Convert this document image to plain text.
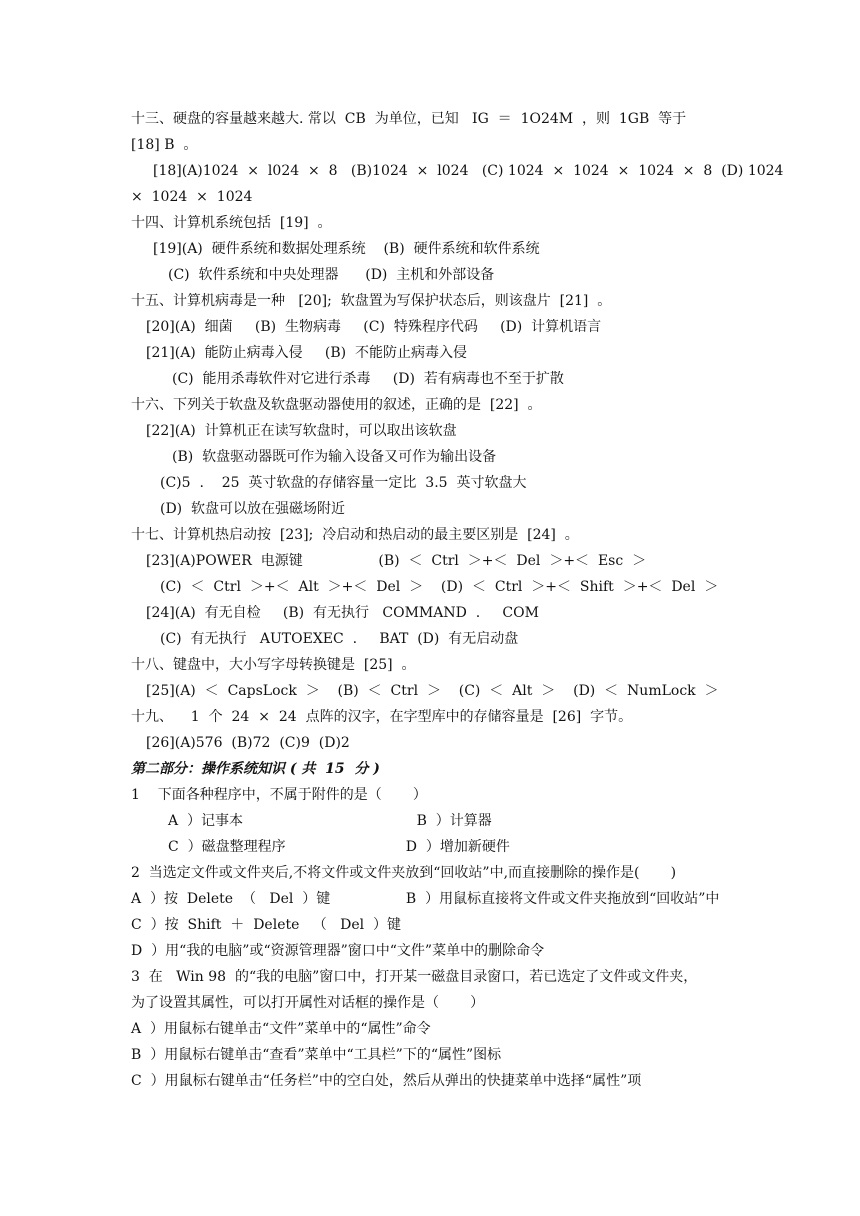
十三、硬盘的容量越来越大. 常以  CB  为单位，已知   IG  ＝  1O24M  ，则  1GB  等于
[18] B  。
[18](A)1024  ×  l024  ×  8   (B)1024  ×  l024   (C) 1024  ×  1024  ×  1024  ×  8  (D) 1024
×  1024  ×  1024
十四、计算机系统包括  [19]  。
[19](A)  硬件系统和数据处理系统    (B)  硬件系统和软件系统
(C)  软件系统和中央处理器      (D)  主机和外部设备
十五、计算机病毒是一种   [20];  软盘置为写保护状态后，则该盘片  [21]  。
[20](A)  细菌     (B)  生物病毒     (C)  特殊程序代码     (D)  计算机语言
[21](A)  能防止病毒入侵     (B)  不能防止病毒入侵
(C)  能用杀毒软件对它进行杀毒     (D)  若有病毒也不至于扩散
十六、下列关于软盘及软盘驱动器使用的叙述，正确的是  [22]  。
[22](A)  计算机正在读写软盘时，可以取出该软盘
(B)  软盘驱动器既可作为输入设备又可作为输出设备
(C)5  .    25  英寸软盘的存储容量一定比  3.5  英寸软盘大
(D)  软盘可以放在强磁场附近
十七、计算机热启动按  [23];  冷启动和热启动的最主要区别是  [24]  。
[23](A)POWER  电源键                 (B)  ＜  Ctrl  ＞+＜  Del  ＞+＜  Esc  ＞
(C)  ＜  Ctrl  ＞+＜  Alt  ＞+＜  Del  ＞    (D)  ＜  Ctrl  ＞+＜  Shift  ＞+＜  Del  ＞
[24](A)  有无自检     (B)  有无执行   COMMAND  .     COM
(C)  有无执行   AUTOEXEC  .     BAT  (D)  有无启动盘
十八、键盘中，大小写字母转换键是  [25]  。
[25](A)  ＜  CapsLock  ＞    (B)  ＜  Ctrl  ＞    (C)  ＜  Alt  ＞    (D)  ＜  NumLock  ＞
十九、    1  个  24  ×  24  点阵的汉字，在字型库中的存储容量是  [26]  字节。
[26](A)576  (B)72  (C)9  (D)2
第二部分：操作系统知识 ( 共  15  分 )
1    下面各种程序中，不属于附件的是（       ）
A  ）记事本                                       B  ）计算器
C  ）磁盘整理程序                           D  ）增加新硬件
2  当选定文件或文件夹后,不将文件或文件夹放到“回收站”中,而直接删除的操作是(       )
A  ）按  Delete  （   Del  ）键                 B  ）用鼠标直接将文件或文件夹拖放到“回收站”中
C  ）按  Shift  ＋  Delete   （   Del  ）键
D  ）用“我的电脑”或“资源管理器”窗口中“文件”菜单中的删除命令
3  在   Win 98  的“我的电脑”窗口中，打开某一磁盘目录窗口，若已选定了文件或文件夹，
为了设置其属性，可以打开属性对话框的操作是（       ）
A  ）用鼠标右键单击“文件”菜单中的“属性”命令
B  ）用鼠标右键单击“查看”菜单中“工具栏”下的“属性”图标
C  ）用鼠标右键单击“任务栏”中的空白处，然后从弹出的快捷菜单中选择“属性”项
